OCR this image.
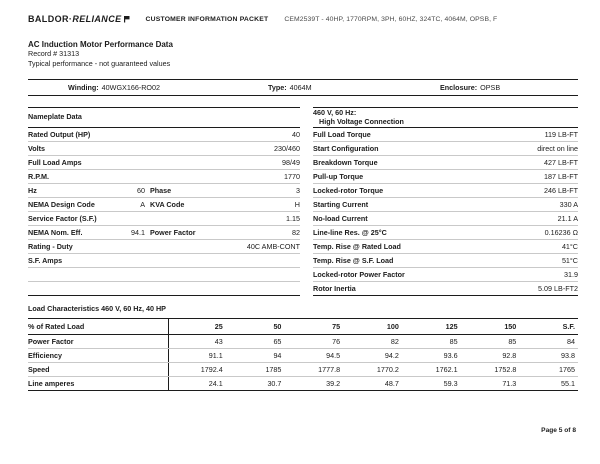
BALDOR · RELIANCE	CUSTOMER INFORMATION PACKET CEM2539T - 40HP, 1770RPM, 3PH, 60HZ, 324TC, 4064M, OPSB, F
AC Induction Motor Performance Data
Record # 31313
Typical performance - not guaranteed values
Winding: 40WGX166-RO02	Type: 4064M	Enclosure: OPSB
Nameplate Data
Rated Output (HP)	40
Volts	230/460
Full Load Amps	98/49
R.P.M.	1770
Hz	60 Phase	3
NEMA Design Code	A KVA Code	H
Service Factor (S.F.)	1.15
NEMA Nom. Eff.	94.1 Power Factor	82
Rating - Duty	40C AMB-CONT
S.F. Amps
460 V, 60 Hz:
High Voltage Connection
Full Load Torque	119 LB-FT
Start Configuration	direct on line
Breakdown Torque	427 LB-FT
Pull-up Torque	187 LB-FT
Locked-rotor Torque	246 LB-FT
Starting Current	330 A
No-load Current	21.1 A
Line-line Res. @ 25°C	0.16236 Ω
Temp. Rise @ Rated Load	41°C
Temp. Rise @ S.F. Load	51°C
Locked-rotor Power Factor	31.9
Rotor Inertia	5.09 LB-FT2
Load Characteristics 460 V, 60 Hz, 40 HP
% of Rated Load	25	50	75	100	125	150	S.F.
Power Factor	43	65	76	82	85	85	84
Efficiency	91.1	94	94.5	94.2	93.6	92.8	93.8
Speed	1792.4	1785	1777.8	1770.2	1762.1	1752.8	1765
Line amperes	24.1	30.7	39.2	48.7	59.3	71.3	55.1
Page 5 of 8
